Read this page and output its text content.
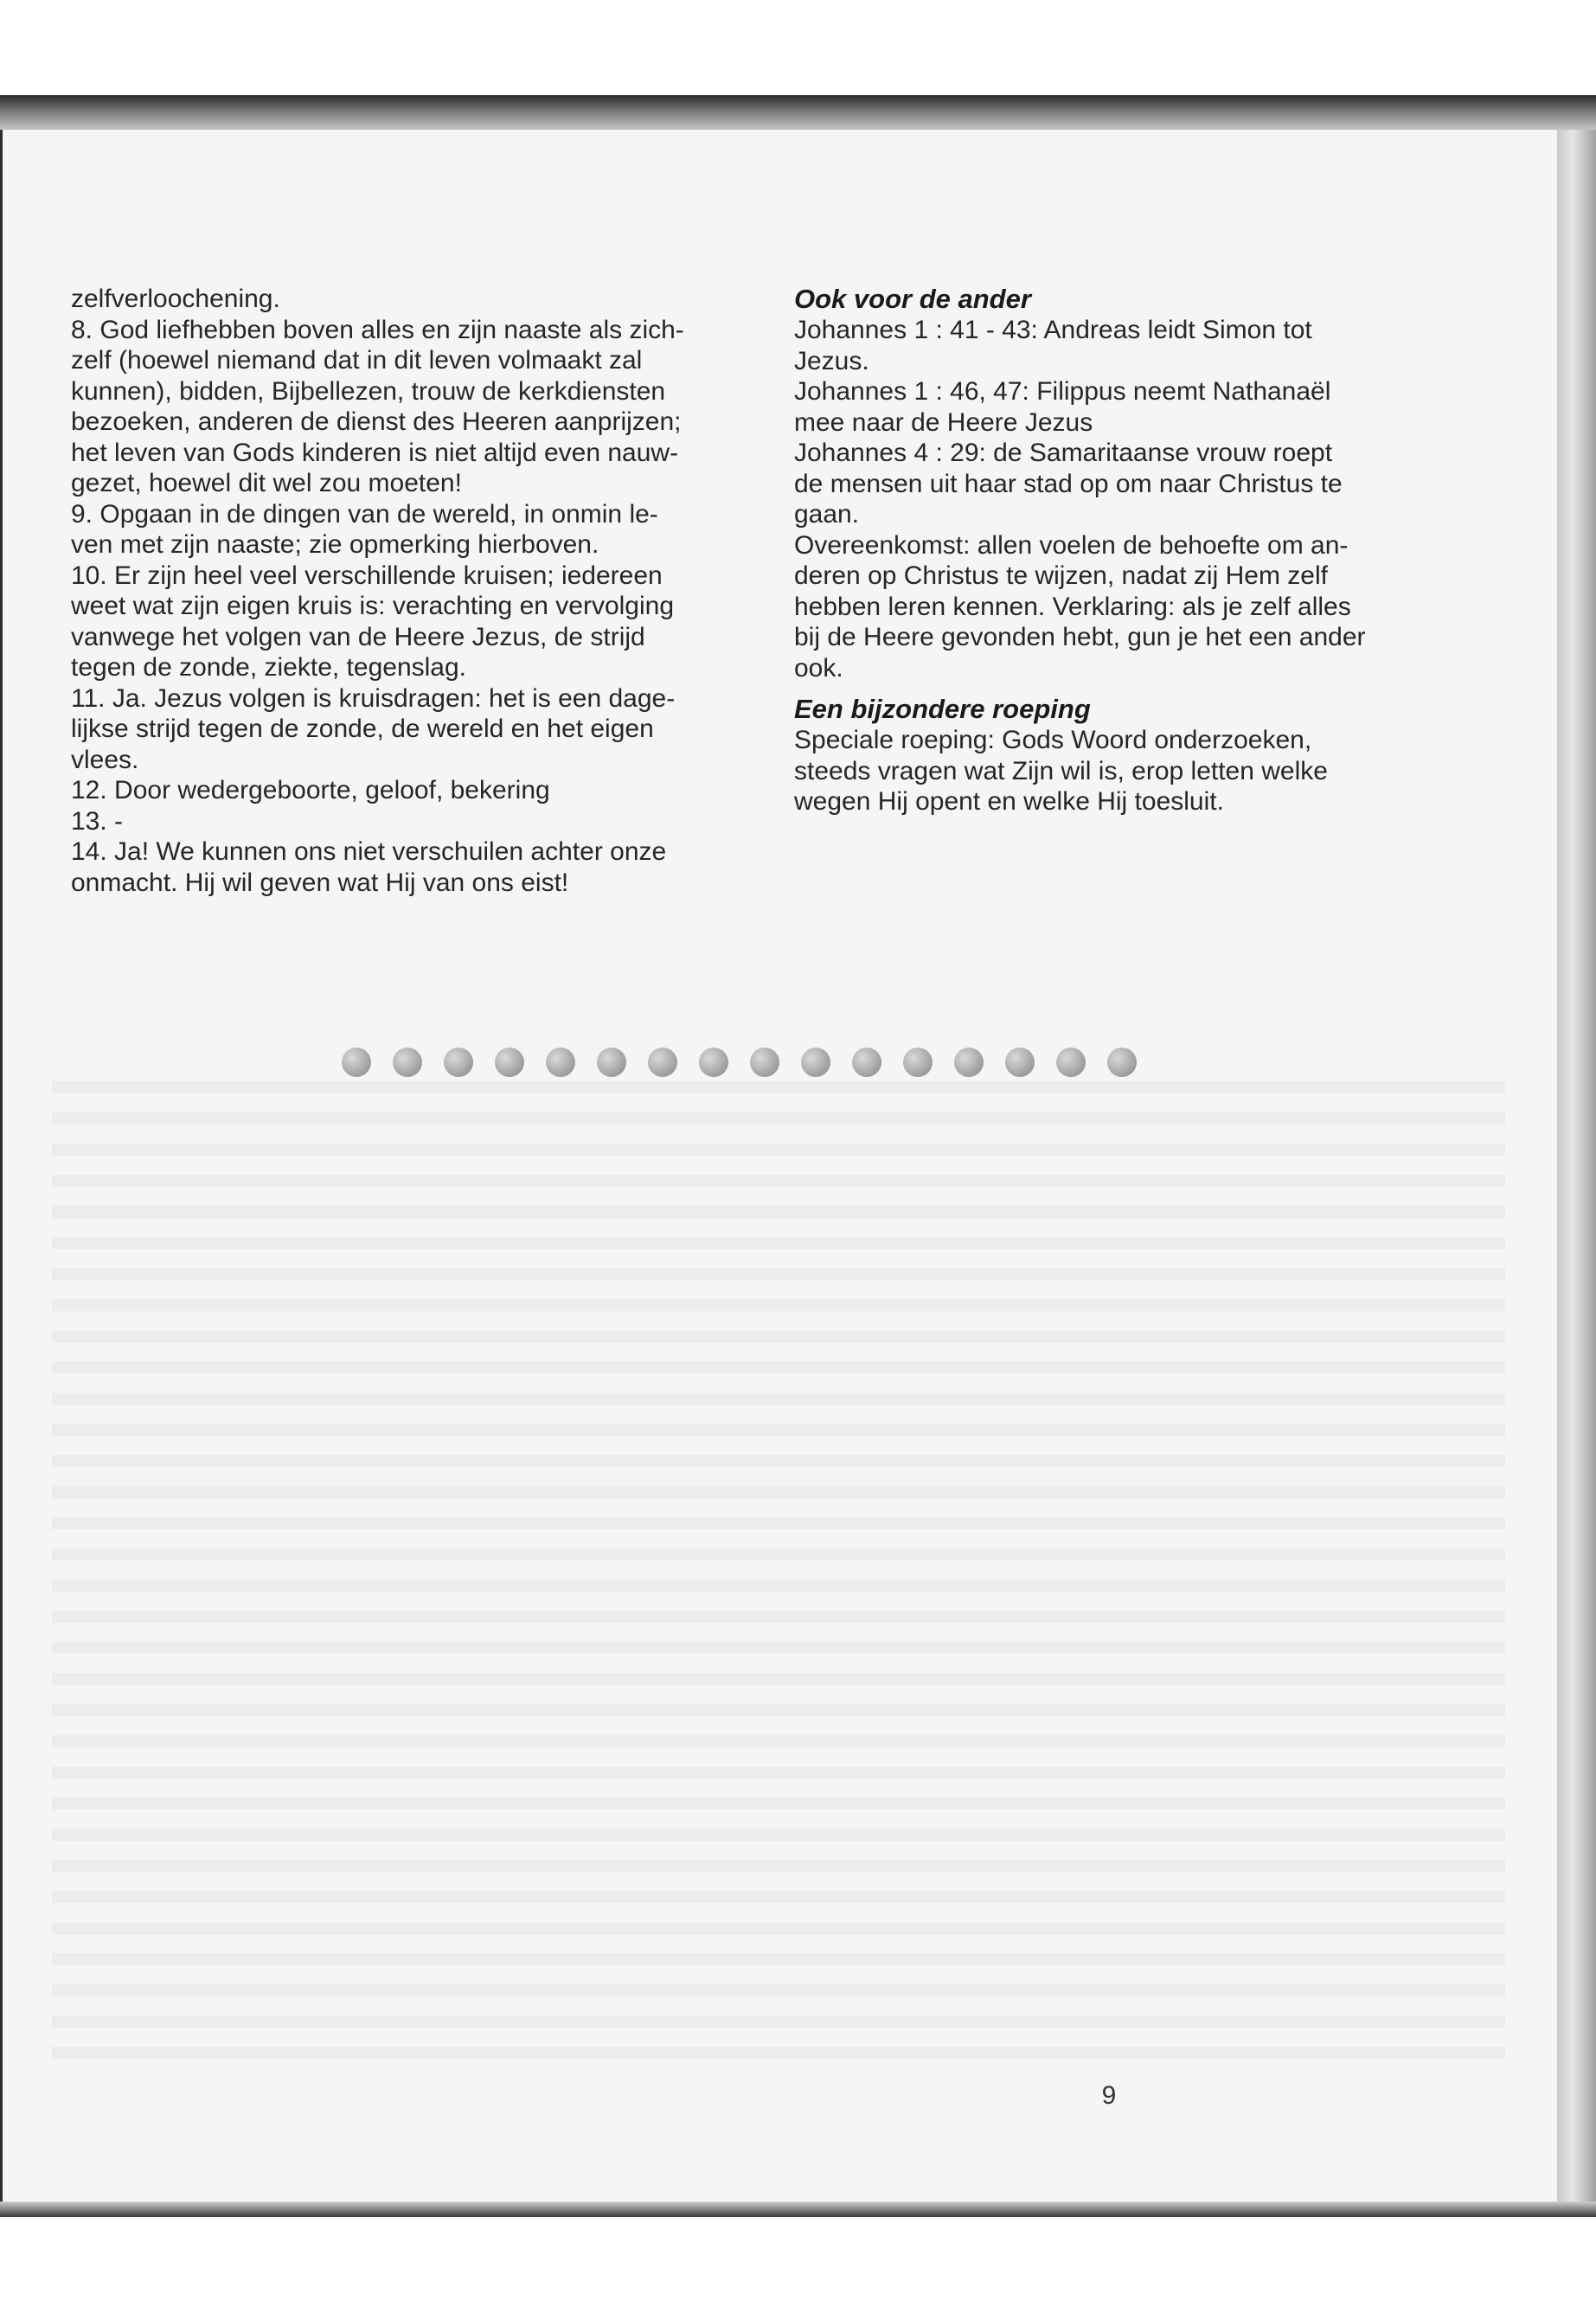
zelfverloochening.

8. God liefhebben boven alles en zijn naaste als zich-

zelf (hoewel niemand dat in dit leven volmaakt zal

kunnen), bidden, Bijbellezen, trouw de kerkdiensten

bezoeken, anderen de dienst des Heeren aanprijzen;

het leven van Gods kinderen is niet altijd even nauw-

gezet, hoewel dit wel zou moeten!

9. Opgaan in de dingen van de wereld, in onmin le-

ven met zijn naaste; zie opmerking hierboven.

10. Er zijn heel veel verschillende kruisen; iedereen

weet wat zijn eigen kruis is: verachting en vervolging

vanwege het volgen van de Heere Jezus, de strijd

tegen de zonde, ziekte, tegenslag.

11. Ja. Jezus volgen is kruisdragen: het is een dage-

lijkse strijd tegen de zonde, de wereld en het eigen

vlees.

12. Door wedergeboorte, geloof, bekering

13. -

14. Ja! We kunnen ons niet verschuilen achter onze

onmacht. Hij wil geven wat Hij van ons eist!

Ook voor de ander

Johannes 1 : 41 - 43: Andreas leidt Simon tot

Jezus.

Johannes 1 : 46, 47: Filippus neemt Nathanaël

mee naar de Heere Jezus

Johannes 4 : 29: de Samaritaanse vrouw roept

de mensen uit haar stad op om naar Christus te

gaan.

Overeenkomst: allen voelen de behoefte om an-

deren op Christus te wijzen, nadat zij Hem zelf

hebben leren kennen. Verklaring: als je zelf alles

bij de Heere gevonden hebt, gun je het een ander

ook.

Een bijzondere roeping

Speciale roeping: Gods Woord onderzoeken,

steeds vragen wat Zijn wil is, erop letten welke

wegen Hij opent en welke Hij toesluit.

9
